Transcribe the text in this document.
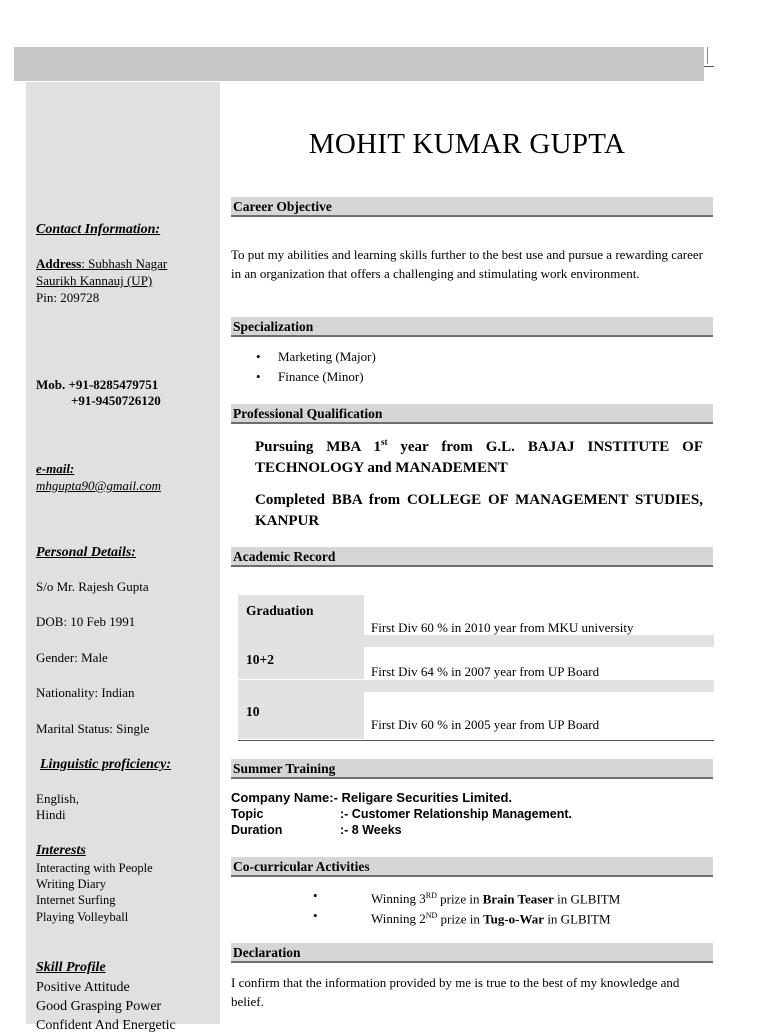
Contact Information:
Address: Subhash Nagar
Saurikh Kannauj (UP)
Pin: 209728
Mob. +91-8285479751
+91-9450726120
e-mail:
mhgupta90@gmail.com
Personal Details:
S/o Mr. Rajesh Gupta
DOB: 10 Feb 1991
Gender: Male
Nationality: Indian
Marital Status: Single
Linguistic proficiency:
English,
Hindi
Interests
Interacting with People
Writing Diary
Internet Surfing
Playing Volleyball
Skill Profile
Positive Attitude
Good Grasping Power
Confident And Energetic
MOHIT KUMAR GUPTA
Career Objective
To put my abilities and learning skills further to the best use and pursue a rewarding career in an organization that offers a challenging and stimulating work environment.
Specialization
• Marketing (Major)
• Finance (Minor)
Professional Qualification
Pursuing MBA 1st year from G.L. BAJAJ INSTITUTE OF TECHNOLOGY and MANADEMENT
Completed BBA from COLLEGE OF MANAGEMENT STUDIES, KANPUR
Academic Record
Graduation
First Div 60 % in 2010 year from MKU university
10+2
First Div 64 % in 2007 year from UP Board
10
First Div 60 % in 2005 year from UP Board
Summer Training
Company Name:- Religare Securities Limited.
Topic	:- Customer Relationship Management.
Duration	:- 8 Weeks
Co-curricular Activities
•	Winning 3RD prize in Brain Teaser in GLBITM
•	Winning 2ND prize in Tug-o-War in GLBITM
Declaration
I confirm that the information provided by me is true to the best of my knowledge and belief.
